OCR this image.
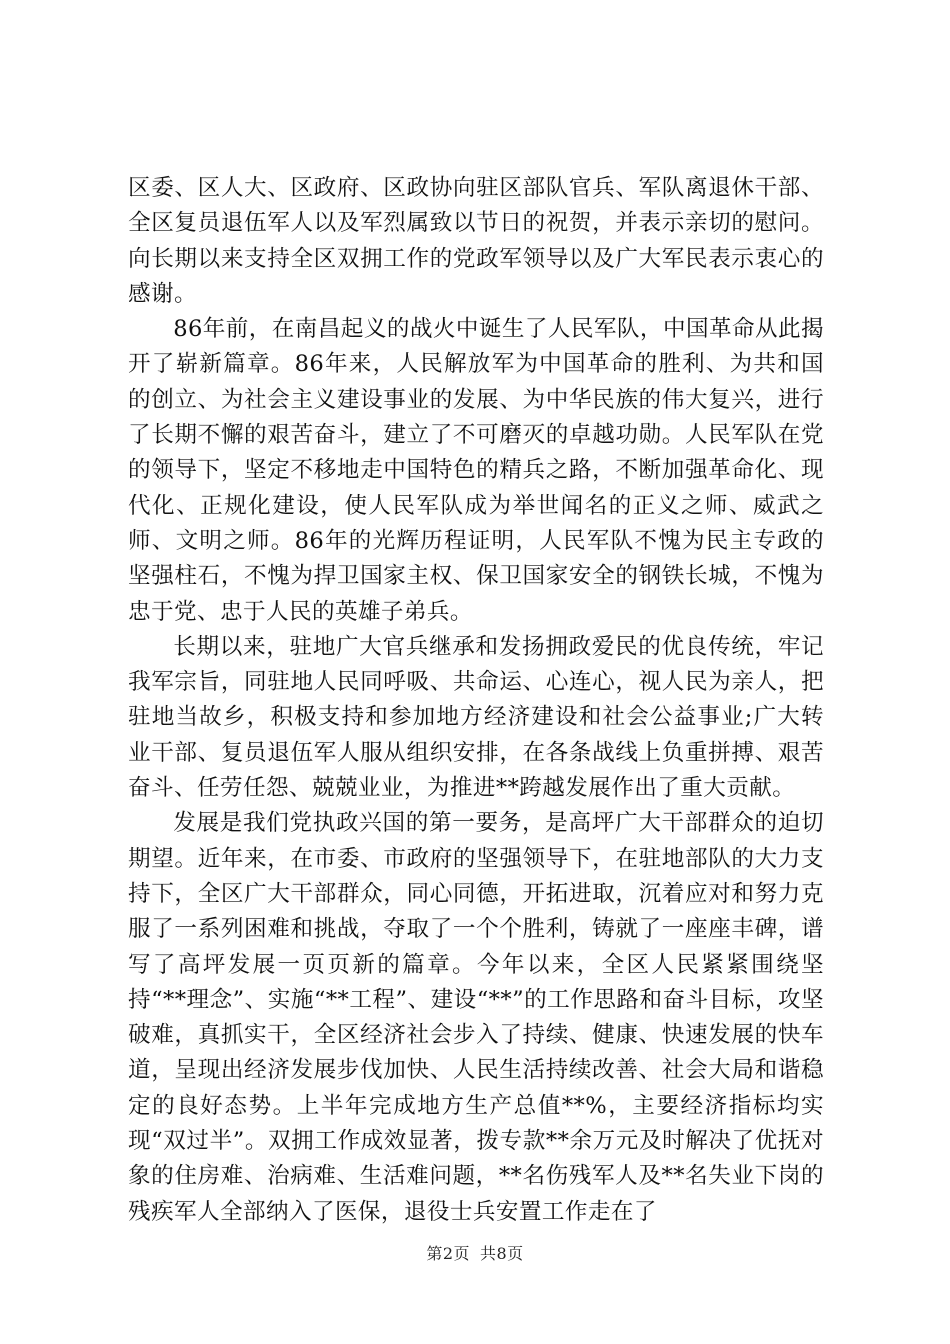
区委、区人大、区政府、区政协向驻区部队官兵、军队离退休干部、全区复员退伍军人以及军烈属致以节日的祝贺，并表示亲切的慰问。向长期以来支持全区双拥工作的党政军领导以及广大军民表示衷心的感谢。

86年前，在南昌起义的战火中诞生了人民军队，中国革命从此揭开了崭新篇章。86年来，人民解放军为中国革命的胜利、为共和国的创立、为社会主义建设事业的发展、为中华民族的伟大复兴，进行了长期不懈的艰苦奋斗，建立了不可磨灭的卓越功勋。人民军队在党的领导下，坚定不移地走中国特色的精兵之路，不断加强革命化、现代化、正规化建设，使人民军队成为举世闻名的正义之师、威武之师、文明之师。86年的光辉历程证明，人民军队不愧为民主专政的坚强柱石，不愧为捍卫国家主权、保卫国家安全的钢铁长城，不愧为忠于党、忠于人民的英雄子弟兵。

长期以来，驻地广大官兵继承和发扬拥政爱民的优良传统，牢记我军宗旨，同驻地人民同呼吸、共命运、心连心，视人民为亲人，把驻地当故乡，积极支持和参加地方经济建设和社会公益事业;广大转业干部、复员退伍军人服从组织安排，在各条战线上负重拼搏、艰苦奋斗、任劳任怨、兢兢业业，为推进**跨越发展作出了重大贡献。

发展是我们党执政兴国的第一要务，是高坪广大干部群众的迫切期望。近年来，在市委、市政府的坚强领导下，在驻地部队的大力支持下，全区广大干部群众，同心同德，开拓进取，沉着应对和努力克服了一系列困难和挑战，夺取了一个个胜利，铸就了一座座丰碑，谱写了高坪发展一页页新的篇章。今年以来，全区人民紧紧围绕坚持“**理念”、实施“**工程”、建设“**”的工作思路和奋斗目标，攻坚破难，真抓实干，全区经济社会步入了持续、健康、快速发展的快车道，呈现出经济发展步伐加快、人民生活持续改善、社会大局和谐稳定的良好态势。上半年完成地方生产总值**%，主要经济指标均实现“双过半”。双拥工作成效显著，拨专款**余万元及时解决了优抚对象的住房难、治病难、生活难问题，**名伤残军人及**名失业下岗的残疾军人全部纳入了医保，退役士兵安置工作走在了

第2页 共8页
